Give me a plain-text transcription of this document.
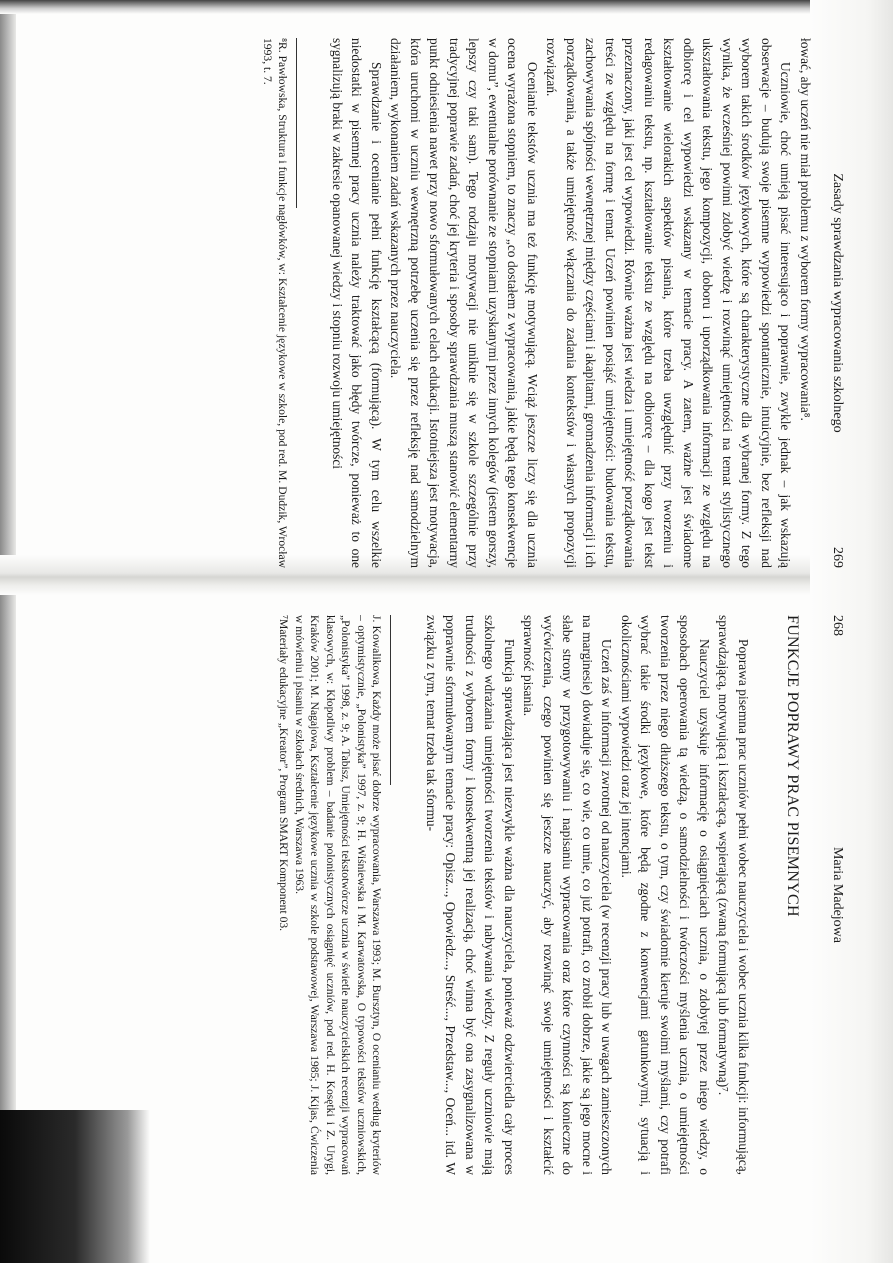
268
Maria Madejowa
FUNKCJE POPRAWY PRAC PISEMNYCH

Poprawa pisemna prac uczniów pełni wobec nauczyciela i wobec ucznia kilka funkcji: informującą, sprawdzającą, motywującą i kształcącą, wspierającą (zwaną formującą lub formatywną)⁷.

Nauczyciel uzyskuje informację o osiągnięciach ucznia, o zdobytej przez niego wiedzy, o sposobach operowania tą wiedzą, o samodzielności i twórczości myślenia ucznia, o umiejętności tworzenia przez niego dłuższego tekstu, o tym, czy świadomie kieruje swoimi myślami, czy potrafi wybrać takie środki językowe, które będą zgodne z konwencjami gatunkowymi, sytuacją i okolicznościami wypowiedzi oraz jej intencjami.

Uczeń zaś w informacji zwrotnej od nauczyciela (w recenzji pracy lub w uwagach zamieszczonych na marginesie) dowiaduje się, co wie, co umie, co już potrafi, co zrobił dobrze, jakie są jego mocne i słabe strony w przygotowywaniu i napisaniu wypracowania oraz które czynności są konieczne do wyćwiczenia, czego powinien się jeszcze nauczyć, aby rozwinąć swoje umiejętności i kształcić sprawność pisania.

Funkcja sprawdzająca jest niezwykle ważna dla nauczyciela, ponieważ odzwierciedla cały proces szkolnego wdrażania umiejętności tworzenia tekstów i nabywania wiedzy. Z reguły uczniowie mają trudności z wyborem formy i konsekwentną jej realizacją, choć winna być ona zasygnalizowana w poprawnie sformułowanym temacie pracy: Opisz..., Opowiedz..., Streść..., Przedstaw..., Oceń... itd. W związku z tym, temat trzeba tak sformu-

J. Kowalikowa, Każdy może pisać dobrze wypracowania, Warszawa 1993; M. Bursztyn, O ocenianiu według kryteriów – optymistycznie, „Polonistyka” 1997, z. 9; H. Wiśniewska i M. Karwatowska, O typowości tekstów uczniowskich, „Polonistyka” 1998, z. 9; A. Tabisz, Umiejętności tekstotwórcze ucznia w świetle nauczycielskich recenzji wypracowań klasowych, w: Kłopotliwy problem – badanie polonistycznych osiągnięć uczniów, pod red. H. Kosętki i Z. Urygi, Kraków 2001; M. Nagajowa, Kształcenie językowe ucznia w szkole podstawowej, Warszawa 1985; J. Kijas, Ćwiczenia w mówieniu i pisaniu w szkołach średnich, Warszawa 1963.

⁷Materiały edukacyjne „Kreator”, Program SMART Komponent 03.

Zasady sprawdzania wypracowania szkolnego
269

łować, aby uczeń nie miał problemu z wyborem formy wypracowania⁸.

Uczniowie, choć umieją pisać interesująco i poprawnie, zwykle jednak – jak wskazują obserwacje – budują swoje pisemne wypowiedzi spontanicznie, intuicyjnie, bez refleksji nad wyborem takich środków językowych, które są charakterystyczne dla wybranej formy. Z tego wynika, że wcześniej powinni zdobyć wiedzę i rozwinąć umiejętności na temat stylistycznego ukształtowania tekstu, jego kompozycji, doboru i uporządkowania informacji ze względu na odbiorcę i cel wypowiedzi wskazany w temacie pracy. A zatem, ważne jest świadome kształtowanie wielorakich aspektów pisania, które trzeba uwzględnić przy tworzeniu i redagowaniu tekstu, np. kształtowanie tekstu ze względu na odbiorcę – dla kogo jest tekst przeznaczony, jaki jest cel wypowiedzi. Równie ważna jest wiedza i umiejętność porządkowania treści ze względu na formę i temat. Uczeń powinien posiąść umiejętności: budowania tekstu, zachowywania spójności wewnętrznej między częściami i akapitami, gromadzenia informacji i ich porządkowania, a także umiejętność włączania do zadania kontekstów i własnych propozycji rozwiązań.

Ocenianie tekstów ucznia ma też funkcję motywującą. Wciąż jeszcze liczy się dla ucznia ocena wyrażona stopniem, to znaczy „co dostałem z wypracowania, jakie będą tego konsekwencje w domu”, ewentualne porównanie ze stopniami uzyskanymi przez innych kolegów (jestem gorszy, lepszy czy taki sam). Tego rodzaju motywacji nie uniknie się w szkole szczególnie przy tradycyjnej poprawie zadań, choć jej kryteria i sposoby sprawdzania muszą stanowić elementarny punkt odniesienia nawet przy nowo sformułowanych celach edukacji. Istotniejsza jest motywacja, która uruchomi w uczniu wewnętrzną potrzebę uczenia się przez refleksję nad samodzielnym działaniem, wykonaniem zadań wskazanych przez nauczyciela.

Sprawdzanie i ocenianie pełni funkcję kształcącą (formującą). W tym celu wszelkie niedostatki w pisemnej pracy ucznia należy traktować jako błędy twórcze, ponieważ to one sygnalizują braki w zakresie opanowanej wiedzy i stopniu rozwoju umiejętności

⁸R. Pawłowska, Struktura i funkcje nagłówków, w: Kształcenie językowe w szkole, pod red. M. Dudzik, Wrocław 1993, t. 7.
